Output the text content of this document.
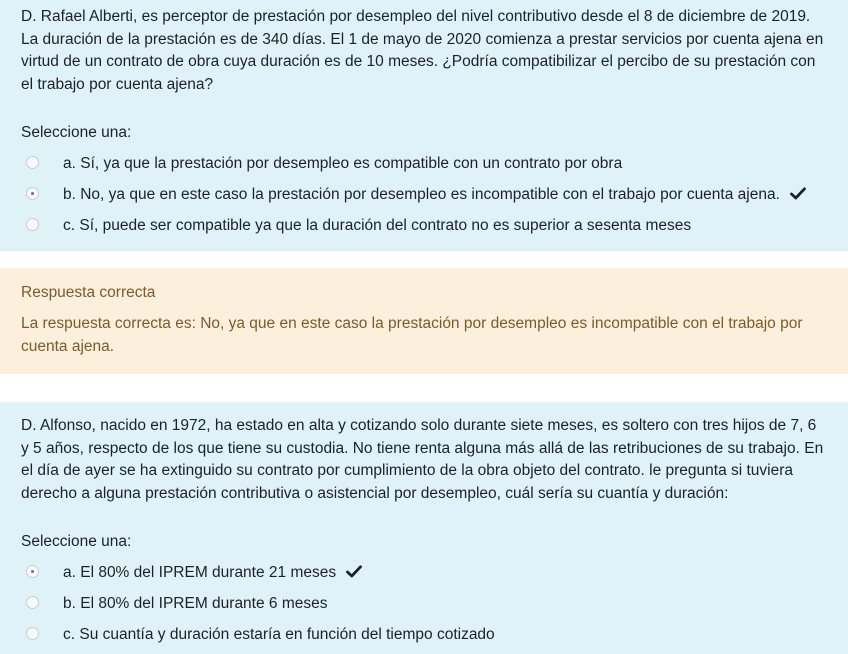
D. Rafael Alberti, es perceptor de prestación por desempleo del nivel contributivo desde el 8 de diciembre de 2019. La duración de la prestación es de 340 días. El 1 de mayo de 2020 comienza a prestar servicios por cuenta ajena en virtud de un contrato de obra cuya duración es de 10 meses. ¿Podría compatibilizar el percibo de su prestación con el trabajo por cuenta ajena?

Seleccione una:
a. Sí, ya que la prestación por desempleo es compatible con un contrato por obra
b. No, ya que en este caso la prestación por desempleo es incompatible con el trabajo por cuenta ajena.
c. Sí, puede ser compatible ya que la duración del contrato no es superior a sesenta meses
Respuesta correcta
La respuesta correcta es: No, ya que en este caso la prestación por desempleo es incompatible con el trabajo por cuenta ajena.

D. Alfonso, nacido en 1972, ha estado en alta y cotizando solo durante siete meses, es soltero con tres hijos de 7, 6 y 5 años, respecto de los que tiene su custodia. No tiene renta alguna más allá de las retribuciones de su trabajo. En el día de ayer se ha extinguido su contrato por cumplimiento de la obra objeto del contrato. le pregunta si tuviera derecho a alguna prestación contributiva o asistencial por desempleo, cuál sería su cuantía y duración:

Seleccione una:
a. El 80% del IPREM durante 21 meses
b. El 80% del IPREM durante 6 meses
c. Su cuantía y duración estaría en función del tiempo cotizado
